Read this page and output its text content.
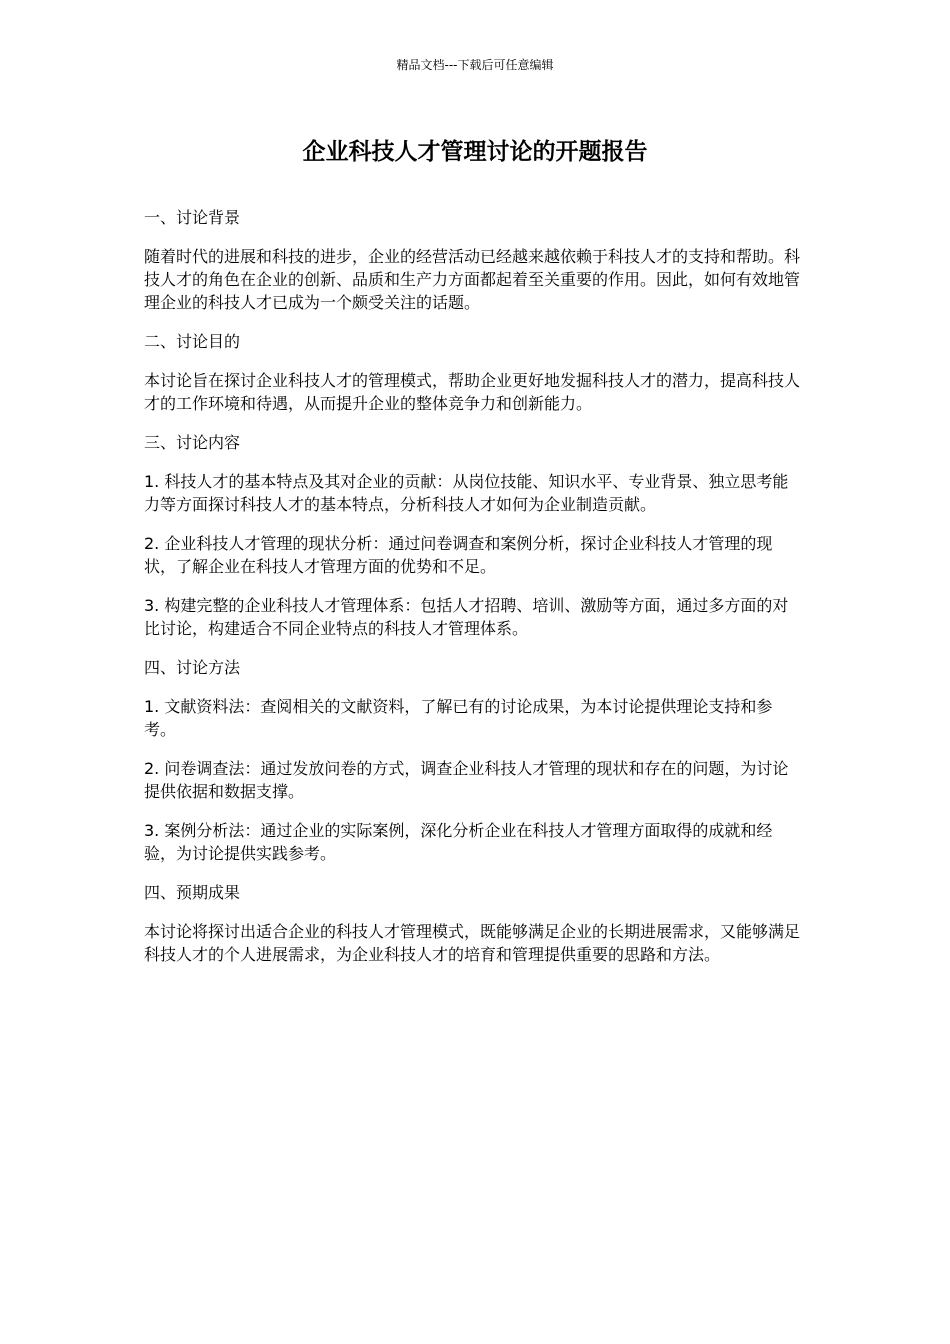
精品文档---下载后可任意编辑
企业科技人才管理讨论的开题报告

一、讨论背景

随着时代的进展和科技的进步，企业的经营活动已经越来越依赖于科技人才的支持和帮助。科技人才的角色在企业的创新、品质和生产力方面都起着至关重要的作用。因此，如何有效地管理企业的科技人才已成为一个颇受关注的话题。

二、讨论目的

本讨论旨在探讨企业科技人才的管理模式，帮助企业更好地发掘科技人才的潜力，提高科技人才的工作环境和待遇，从而提升企业的整体竞争力和创新能力。

三、讨论内容

1. 科技人才的基本特点及其对企业的贡献：从岗位技能、知识水平、专业背景、独立思考能力等方面探讨科技人才的基本特点，分析科技人才如何为企业制造贡献。

2. 企业科技人才管理的现状分析：通过问卷调查和案例分析，探讨企业科技人才管理的现状，了解企业在科技人才管理方面的优势和不足。

3. 构建完整的企业科技人才管理体系：包括人才招聘、培训、激励等方面，通过多方面的对比讨论，构建适合不同企业特点的科技人才管理体系。

四、讨论方法

1. 文献资料法：查阅相关的文献资料，了解已有的讨论成果，为本讨论提供理论支持和参考。

2. 问卷调查法：通过发放问卷的方式，调查企业科技人才管理的现状和存在的问题，为讨论提供依据和数据支撑。

3. 案例分析法：通过企业的实际案例，深化分析企业在科技人才管理方面取得的成就和经验，为讨论提供实践参考。

四、预期成果

本讨论将探讨出适合企业的科技人才管理模式，既能够满足企业的长期进展需求，又能够满足科技人才的个人进展需求，为企业科技人才的培育和管理提供重要的思路和方法。
